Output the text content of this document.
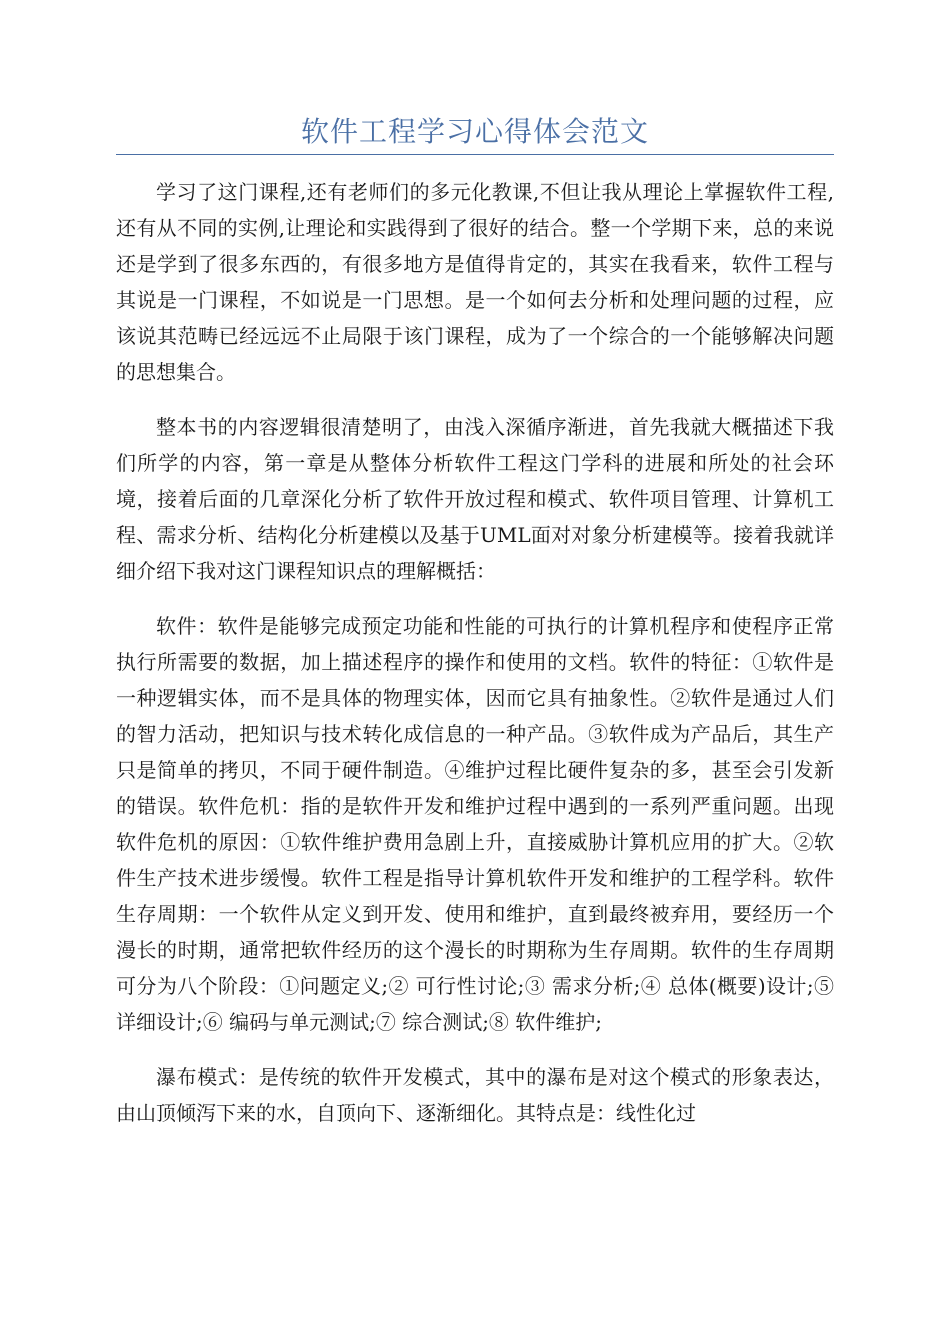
软件工程学习心得体会范文

学习了这门课程,还有老师们的多元化教课,不但让我从理论上掌握软件工程,还有从不同的实例,让理论和实践得到了很好的结合。整一个学期下来，总的来说还是学到了很多东西的，有很多地方是值得肯定的，其实在我看来，软件工程与其说是一门课程，不如说是一门思想。是一个如何去分析和处理问题的过程，应该说其范畴已经远远不止局限于该门课程，成为了一个综合的一个能够解决问题的思想集合。

整本书的内容逻辑很清楚明了，由浅入深循序渐进，首先我就大概描述下我们所学的内容，第一章是从整体分析软件工程这门学科的进展和所处的社会环境，接着后面的几章深化分析了软件开放过程和模式、软件项目管理、计算机工程、需求分析、结构化分析建模以及基于UML面对对象分析建模等。接着我就详细介绍下我对这门课程知识点的理解概括：

软件：软件是能够完成预定功能和性能的可执行的计算机程序和使程序正常执行所需要的数据，加上描述程序的操作和使用的文档。软件的特征：①软件是一种逻辑实体，而不是具体的物理实体，因而它具有抽象性。②软件是通过人们的智力活动，把知识与技术转化成信息的一种产品。③软件成为产品后，其生产只是简单的拷贝，不同于硬件制造。④维护过程比硬件复杂的多，甚至会引发新的错误。软件危机：指的是软件开发和维护过程中遇到的一系列严重问题。出现软件危机的原因：①软件维护费用急剧上升，直接威胁计算机应用的扩大。②软件生产技术进步缓慢。软件工程是指导计算机软件开发和维护的工程学科。软件生存周期：一个软件从定义到开发、使用和维护，直到最终被弃用，要经历一个漫长的时期，通常把软件经历的这个漫长的时期称为生存周期。软件的生存周期可分为八个阶段：①问题定义;② 可行性讨论;③ 需求分析;④ 总体(概要)设计;⑤ 详细设计;⑥ 编码与单元测试;⑦ 综合测试;⑧ 软件维护;

瀑布模式：是传统的软件开发模式，其中的瀑布是对这个模式的形象表达，由山顶倾泻下来的水，自顶向下、逐渐细化。其特点是：线性化过
